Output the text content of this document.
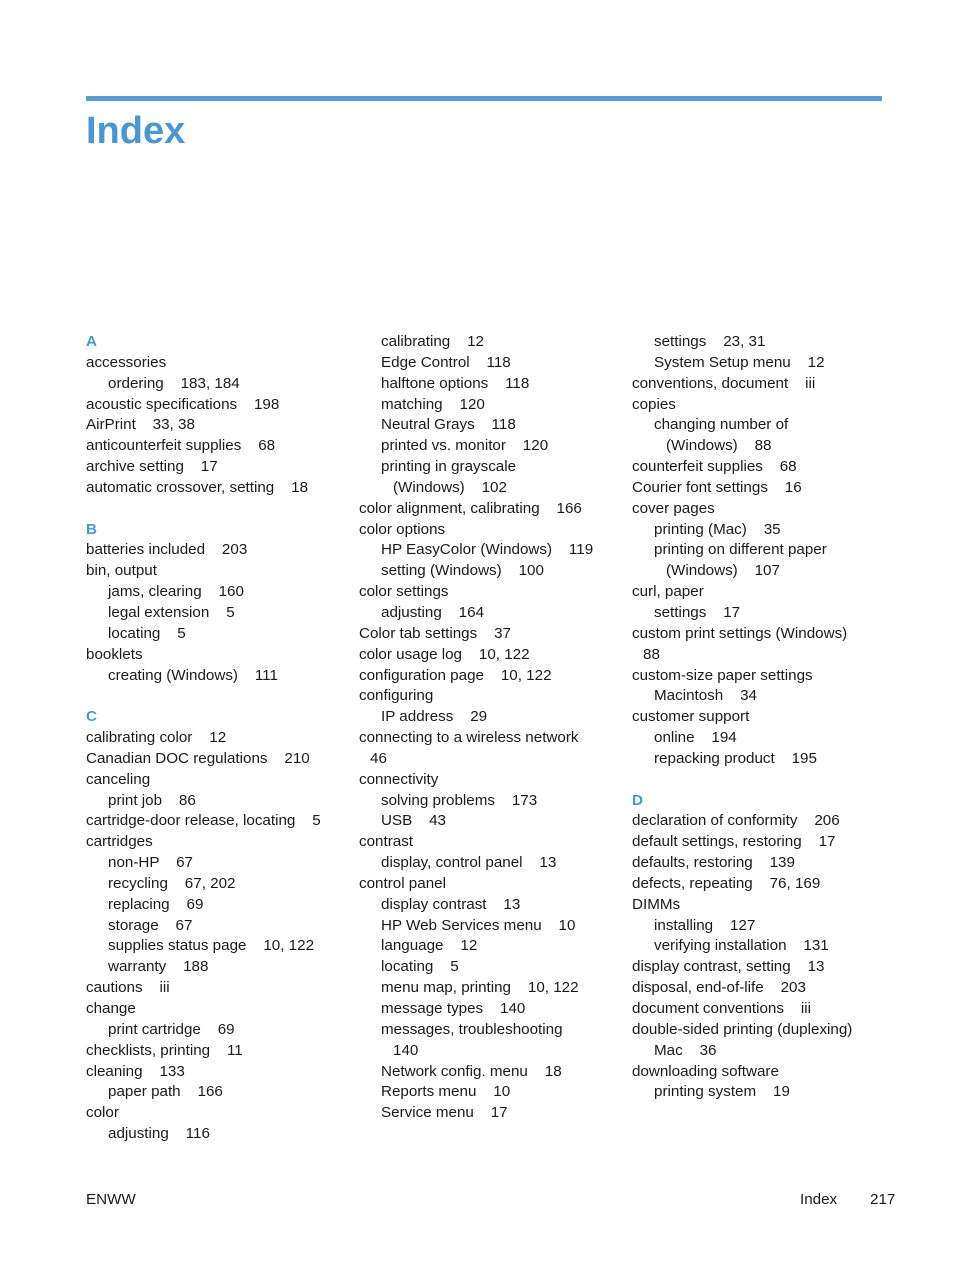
Index
A
accessories
ordering    183, 184
acoustic specifications    198
AirPrint    33, 38
anticounterfeit supplies    68
archive setting    17
automatic crossover, setting    18
B
batteries included    203
bin, output
jams, clearing    160
legal extension    5
locating    5
booklets
creating (Windows)    111
C
calibrating color    12
Canadian DOC regulations    210
canceling
print job    86
cartridge-door release, locating    5
cartridges
non-HP    67
recycling    67, 202
replacing    69
storage    67
supplies status page    10, 122
warranty    188
cautions    iii
change
print cartridge    69
checklists, printing    11
cleaning    133
paper path    166
color
adjusting    116
calibrating    12
Edge Control    118
halftone options    118
matching    120
Neutral Grays    118
printed vs. monitor    120
printing in grayscale
(Windows)    102
color alignment, calibrating    166
color options
HP EasyColor (Windows)    119
setting (Windows)    100
color settings
adjusting    164
Color tab settings    37
color usage log    10, 122
configuration page    10, 122
configuring
IP address    29
connecting to a wireless network
46
connectivity
solving problems    173
USB    43
contrast
display, control panel    13
control panel
display contrast    13
HP Web Services menu    10
language    12
locating    5
menu map, printing    10, 122
message types    140
messages, troubleshooting
140
Network config. menu    18
Reports menu    10
Service menu    17
settings    23, 31
System Setup menu    12
conventions, document    iii
copies
changing number of
(Windows)    88
counterfeit supplies    68
Courier font settings    16
cover pages
printing (Mac)    35
printing on different paper
(Windows)    107
curl, paper
settings    17
custom print settings (Windows)
88
custom-size paper settings
Macintosh    34
customer support
online    194
repacking product    195
D
declaration of conformity    206
default settings, restoring    17
defaults, restoring    139
defects, repeating    76, 169
DIMMs
installing    127
verifying installation    131
display contrast, setting    13
disposal, end-of-life    203
document conventions    iii
double-sided printing (duplexing)
Mac    36
downloading software
printing system    19
ENWW	Index 217
